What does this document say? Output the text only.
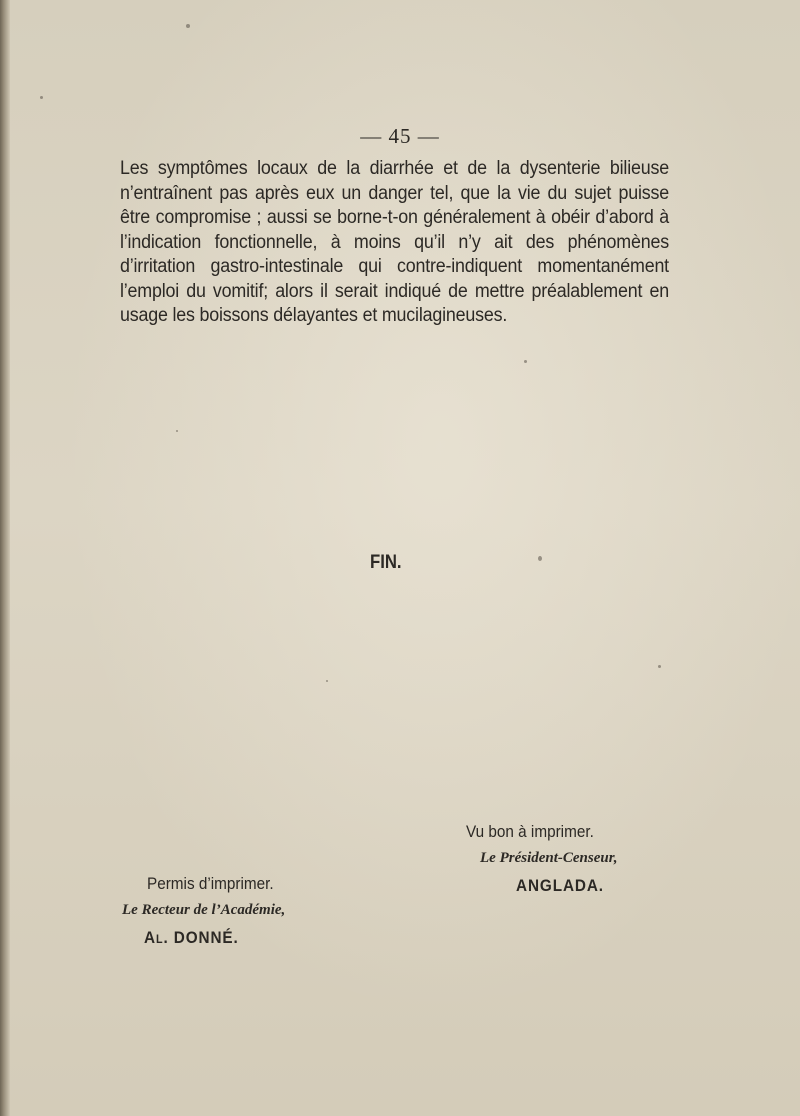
— 45 —
Les symptômes locaux de la diarrhée et de la dysenterie bilieuse n’entraînent pas après eux un danger tel, que la vie du sujet puisse être compromise ; aussi se borne-t-on généralement à obéir d’abord à l’indication fonctionnelle, à moins qu’il n’y ait des phénomènes d’irritation gastro-intestinale qui contre-indiquent momentanément l’emploi du vomitif; alors il serait indiqué de mettre préalablement en usage les boissons délayantes et mucilagineuses.
FIN.
Vu bon à imprimer.
Le Président-Censeur,
ANGLADA.
Permis d’imprimer.
Le Recteur de l’Académie,
Al. DONNÉ.
